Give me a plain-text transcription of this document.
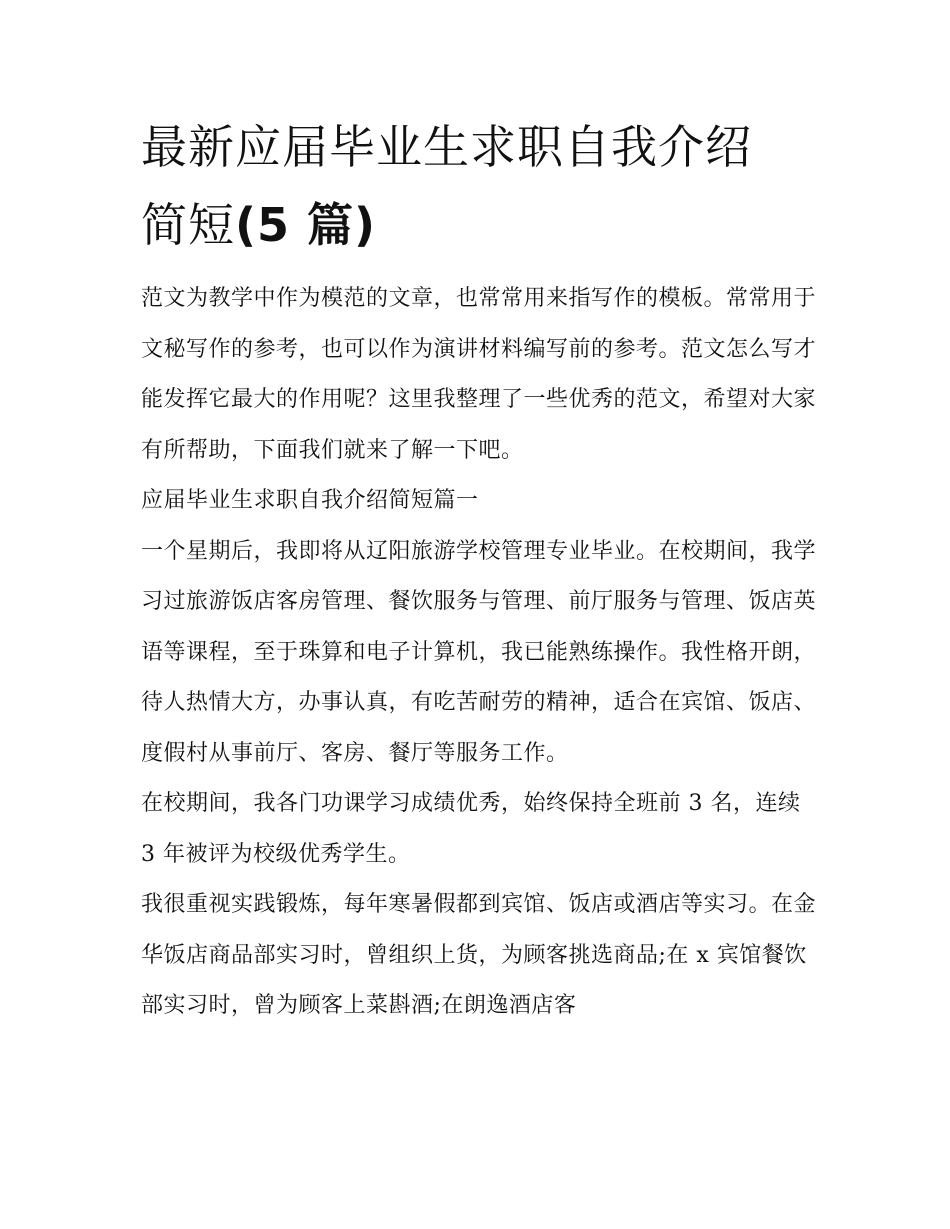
最新应届毕业生求职自我介绍
简短(5 篇)

范文为教学中作为模范的文章，也常常用来指写作的模板。常常用于文秘写作的参考，也可以作为演讲材料编写前的参考。范文怎么写才能发挥它最大的作用呢？这里我整理了一些优秀的范文，希望对大家有所帮助，下面我们就来了解一下吧。

应届毕业生求职自我介绍简短篇一

一个星期后，我即将从辽阳旅游学校管理专业毕业。在校期间，我学习过旅游饭店客房管理、餐饮服务与管理、前厅服务与管理、饭店英语等课程，至于珠算和电子计算机，我已能熟练操作。我性格开朗，待人热情大方，办事认真，有吃苦耐劳的精神，适合在宾馆、饭店、度假村从事前厅、客房、餐厅等服务工作。

在校期间，我各门功课学习成绩优秀，始终保持全班前 3 名，连续 3 年被评为校级优秀学生。

我很重视实践锻炼，每年寒暑假都到宾馆、饭店或酒店等实习。在金华饭店商品部实习时，曾组织上货，为顾客挑选商品;在 x 宾馆餐饮部实习时，曾为顾客上菜斟酒;在朗逸酒店客
